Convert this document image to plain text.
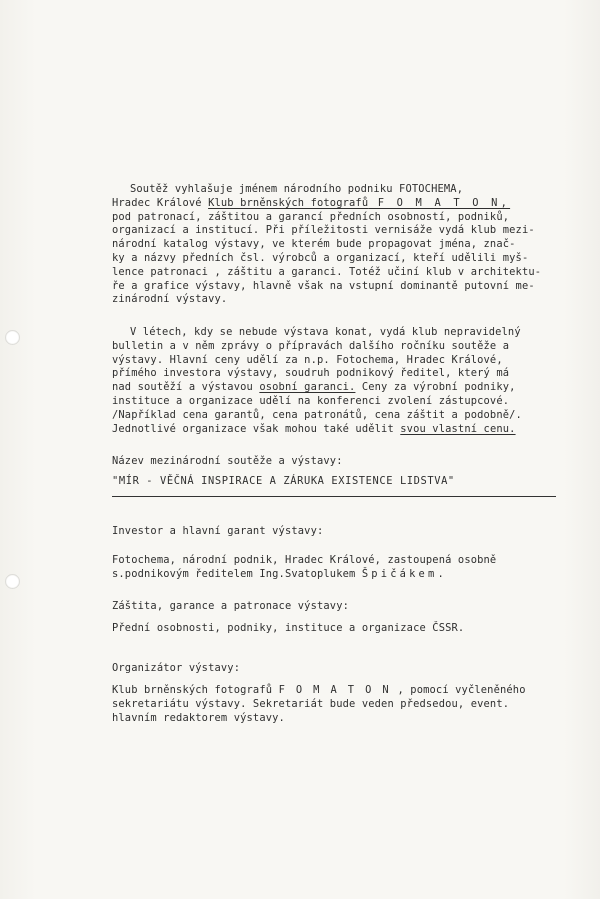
Soutěž vyhlašuje jménem národního podniku FOTOCHEMA,
Hradec Králové Klub brněnských fotografů F O M A T O N,
pod patronací, záštitou a garancí předních osobností, podniků,
organizací a institucí. Při příležitosti vernisáže vydá klub mezi-
národní katalog výstavy, ve kterém bude propagovat jména, znač-
ky a názvy předních čsl. výrobců a organizací, kteří udělili myš-
lence patronaci , záštitu a garanci. Totéž učiní klub v architektu-
ře a grafice výstavy, hlavně však na vstupní dominantě putovní me-
zinárodní výstavy.
V létech, kdy se nebude výstava konat, vydá klub nepravidelný
bulletin a v něm zprávy o přípravách dalšího ročníku soutěže a
výstavy. Hlavní ceny udělí za n.p. Fotochema, Hradec Králové,
přímého investora výstavy, soudruh podnikový ředitel, který má
nad soutěží a výstavou osobní garanci. Ceny za výrobní podniky,
instituce a organizace udělí na konferenci zvolení zástupcové.
/Například cena garantů, cena patronátů, cena záštit a podobně/.
Jednotlivé organizace však mohou také udělit svou vlastní cenu.
Název mezinárodní soutěže a výstavy:
"MÍR - VĚČNÁ INSPIRACE A ZÁRUKA EXISTENCE LIDSTVA"
Investor a hlavní garant výstavy:
Fotochema, národní podnik, Hradec Králové, zastoupená osobně
s.podnikovým ředitelem Ing.Svatoplukem Špičákem.
Záštita, garance a patronace výstavy:
Přední osobnosti, podniky, instituce a organizace ČSSR.
Organizátor výstavy:
Klub brněnských fotografů F O M A T O N , pomocí vyčleněného
sekretariátu výstavy. Sekretariát bude veden předsedou, event.
hlavním redaktorem výstavy.
